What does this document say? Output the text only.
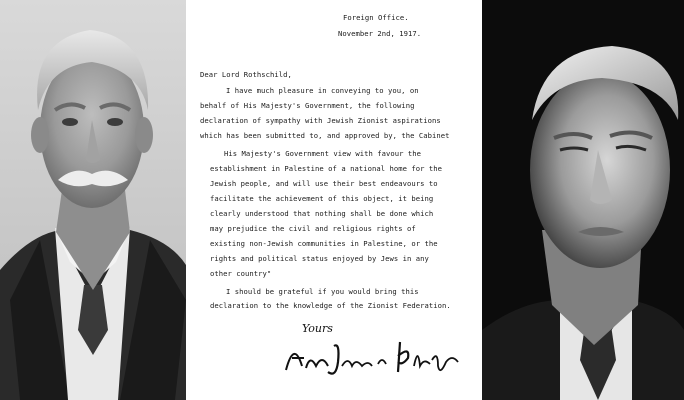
Foreign Office.
November 2nd, 1917.
Dear Lord Rothschild,
I have much pleasure in conveying to you, on
behalf of His Majesty's Government, the following
declaration of sympathy with Jewish Zionist aspirations
which has been submitted to, and approved by, the Cabinet
His Majesty's Government view with favour the
establishment in Palestine of a national home for the
Jewish people, and will use their best endeavours to
facilitate the achievement of this object, it being
clearly understood that nothing shall be done which
may prejudice the civil and religious rights of
existing non-Jewish communities in Palestine, or the
rights and political status enjoyed by Jews in any
other country"
I should be grateful if you would bring this
declaration to the knowledge of the Zionist Federation.
Yours
